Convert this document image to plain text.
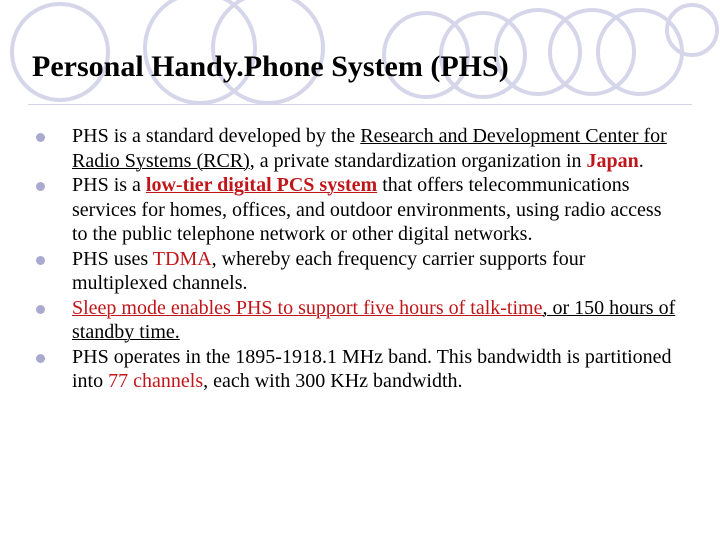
Personal Handy.Phone System (PHS)
PHS is a standard developed by the Research and Development Center for Radio Systems (RCR), a private standardization organization in Japan.
PHS is a low‑tier digital PCS system that offers telecommunications services for homes, offices, and outdoor environments, using radio access to the public telephone network or other digital networks.
PHS uses TDMA, whereby each frequency carrier supports four multiplexed channels.
Sleep mode enables PHS to support five hours of talk‑time, or 150 hours of standby time.
PHS operates in the 1895‑1918.1 MHz band. This bandwidth is partitioned into 77 channels, each with 300 KHz bandwidth.
